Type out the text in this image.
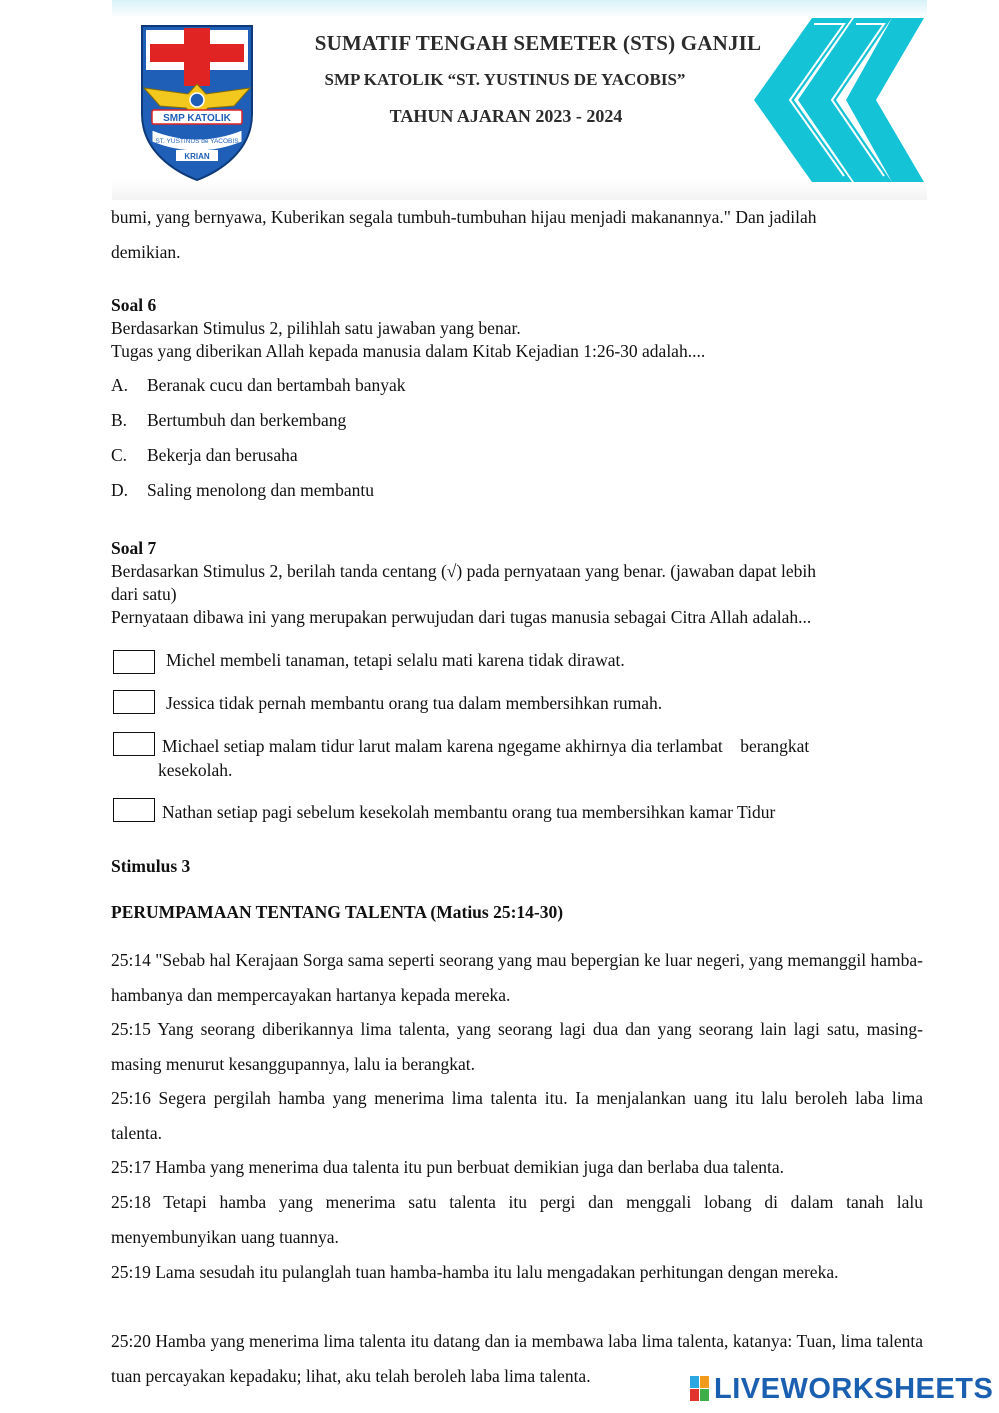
SMP KATOLIK
ST. YUSTINUS de YACOBIS
KRIAN
SUMATIF TENGAH SEMETER (STS) GANJIL
SMP KATOLIK “ST. YUSTINUS DE YACOBIS”
TAHUN AJARAN 2023 - 2024

bumi, yang bernyawa, Kuberikan segala tumbuh-tumbuhan hijau menjadi makanannya." Dan jadilah

demikian.

Soal 6

Berdasarkan Stimulus 2, pilihlah satu jawaban yang benar.

Tugas yang diberikan Allah kepada manusia dalam Kitab Kejadian 1:26-30 adalah....

A. Beranak cucu dan bertambah banyak
B. Bertumbuh dan berkembang
C. Bekerja dan berusaha
D. Saling menolong dan membantu

Soal 7

Berdasarkan Stimulus 2, berilah tanda centang (√) pada pernyataan yang benar. (jawaban dapat lebih

dari satu)

Pernyataan dibawa ini yang merupakan perwujudan dari tugas manusia sebagai Citra Allah adalah...

Michel membeli tanaman, tetapi selalu mati karena tidak dirawat.
Jessica tidak pernah membantu orang tua dalam membersihkan rumah.
Michael setiap malam tidur larut malam karena ngegame akhirnya dia terlambat    berangkat
kesekolah.
Nathan setiap pagi sebelum kesekolah membantu orang tua membersihkan kamar Tidur
Stimulus 3
PERUMPAMAAN TENTANG TALENTA (Matius 25:14-30)
25:14 "Sebab hal Kerajaan Sorga sama seperti seorang yang mau bepergian ke luar negeri, yang memanggil hamba-hambanya dan mempercayakan hartanya kepada mereka.
25:15 Yang seorang diberikannya lima talenta, yang seorang lagi dua dan yang seorang lain lagi satu, masing-masing menurut kesanggupannya, lalu ia berangkat.
25:16 Segera pergilah hamba yang menerima lima talenta itu. Ia menjalankan uang itu lalu beroleh laba lima talenta.
25:17 Hamba yang menerima dua talenta itu pun berbuat demikian juga dan berlaba dua talenta.
25:18 Tetapi hamba yang menerima satu talenta itu pergi dan menggali lobang di dalam tanah lalu menyembunyikan uang tuannya.
25:19 Lama sesudah itu pulanglah tuan hamba-hamba itu lalu mengadakan perhitungan dengan mereka.
25:20 Hamba yang menerima lima talenta itu datang dan ia membawa laba lima talenta, katanya: Tuan, lima talenta tuan percayakan kepadaku; lihat, aku telah beroleh laba lima talenta.	LIVEWORKSHEETS
